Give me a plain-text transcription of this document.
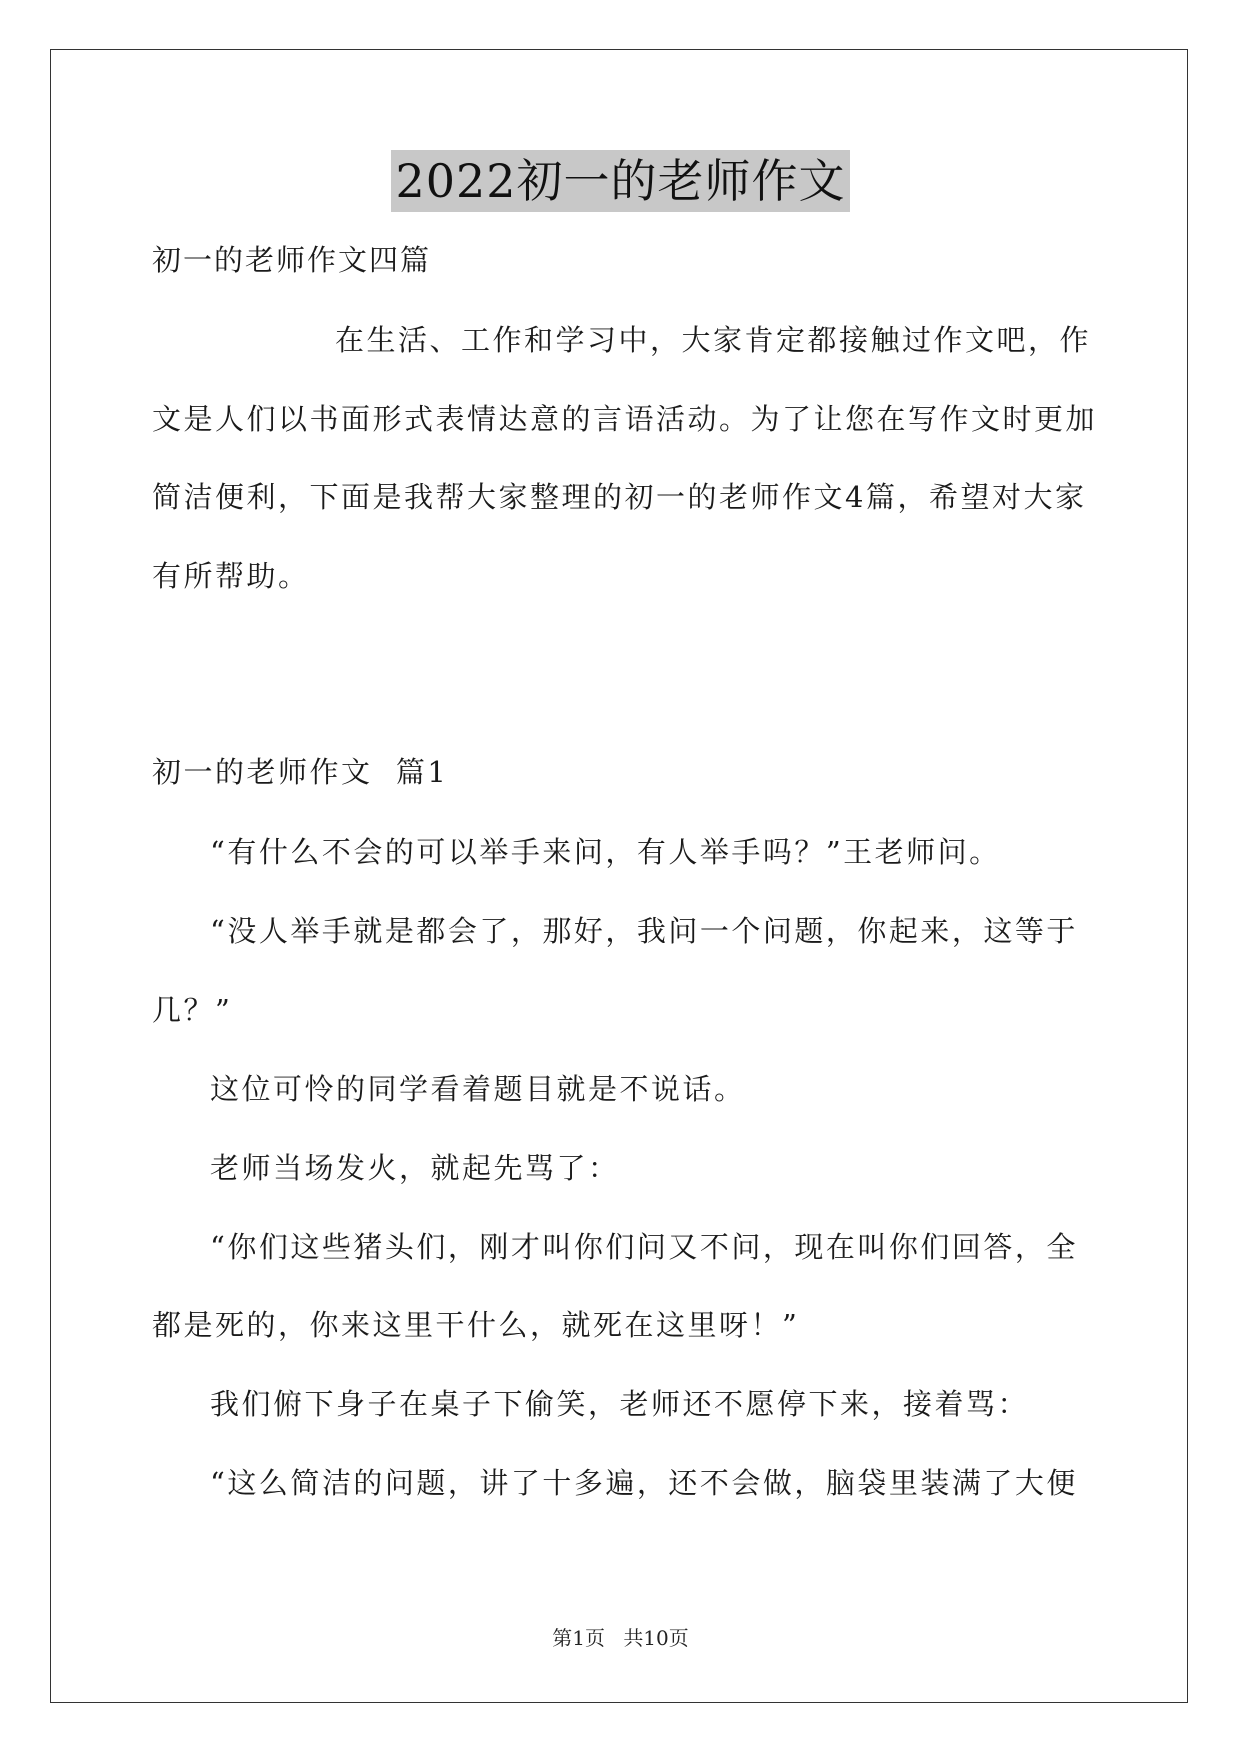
2022初一的老师作文
初一的老师作文四篇

在生活、工作和学习中，大家肯定都接触过作文吧，作

文是人们以书面形式表情达意的言语活动。为了让您在写作文时更加

简洁便利，下面是我帮大家整理的初一的老师作文4篇，希望对大家

有所帮助。

初一的老师作文  篇1

“有什么不会的可以举手来问，有人举手吗？”王老师问。

“没人举手就是都会了，那好，我问一个问题，你起来，这等于

几？”

这位可怜的同学看着题目就是不说话。

老师当场发火，就起先骂了：

“你们这些猪头们，刚才叫你们问又不问，现在叫你们回答，全

都是死的，你来这里干什么，就死在这里呀！”

我们俯下身子在桌子下偷笑，老师还不愿停下来，接着骂：

“这么简洁的问题，讲了十多遍，还不会做，脑袋里装满了大便

第1页 共10页
